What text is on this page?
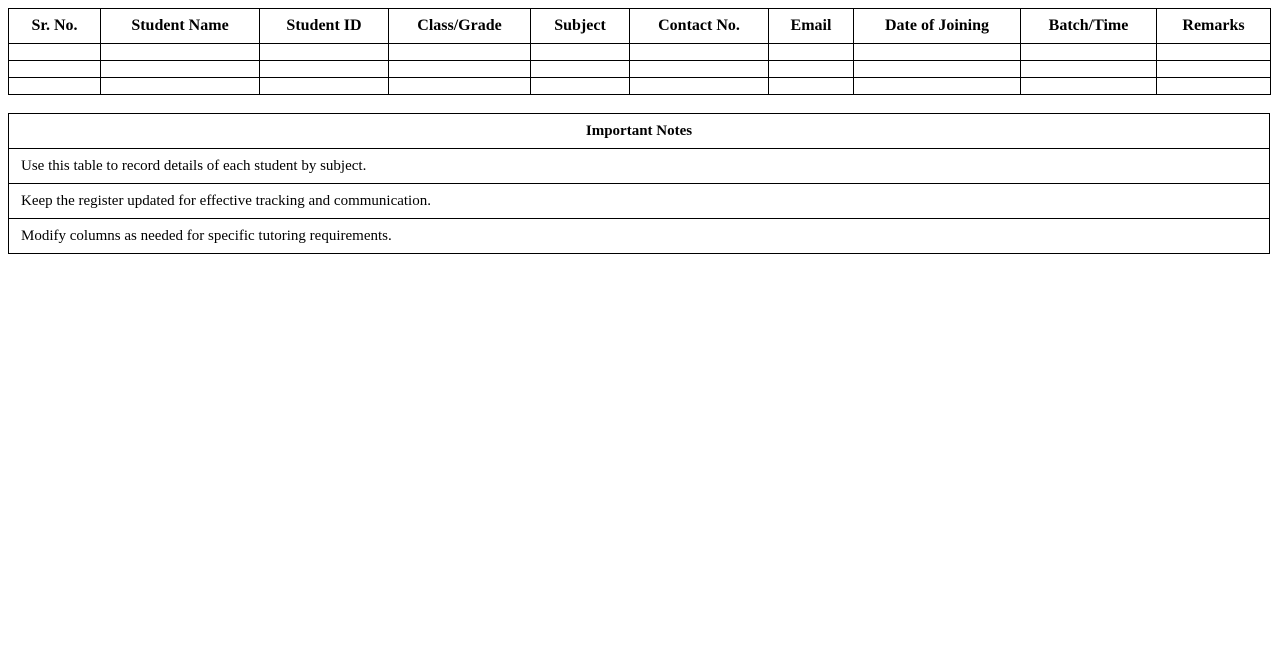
Sr. No.	Student Name	Student ID	Class/Grade	Subject	Contact No.	Email	Date of Joining	Batch/Time	Remarks

Important Notes
Use this table to record details of each student by subject.
Keep the register updated for effective tracking and communication.
Modify columns as needed for specific tutoring requirements.
